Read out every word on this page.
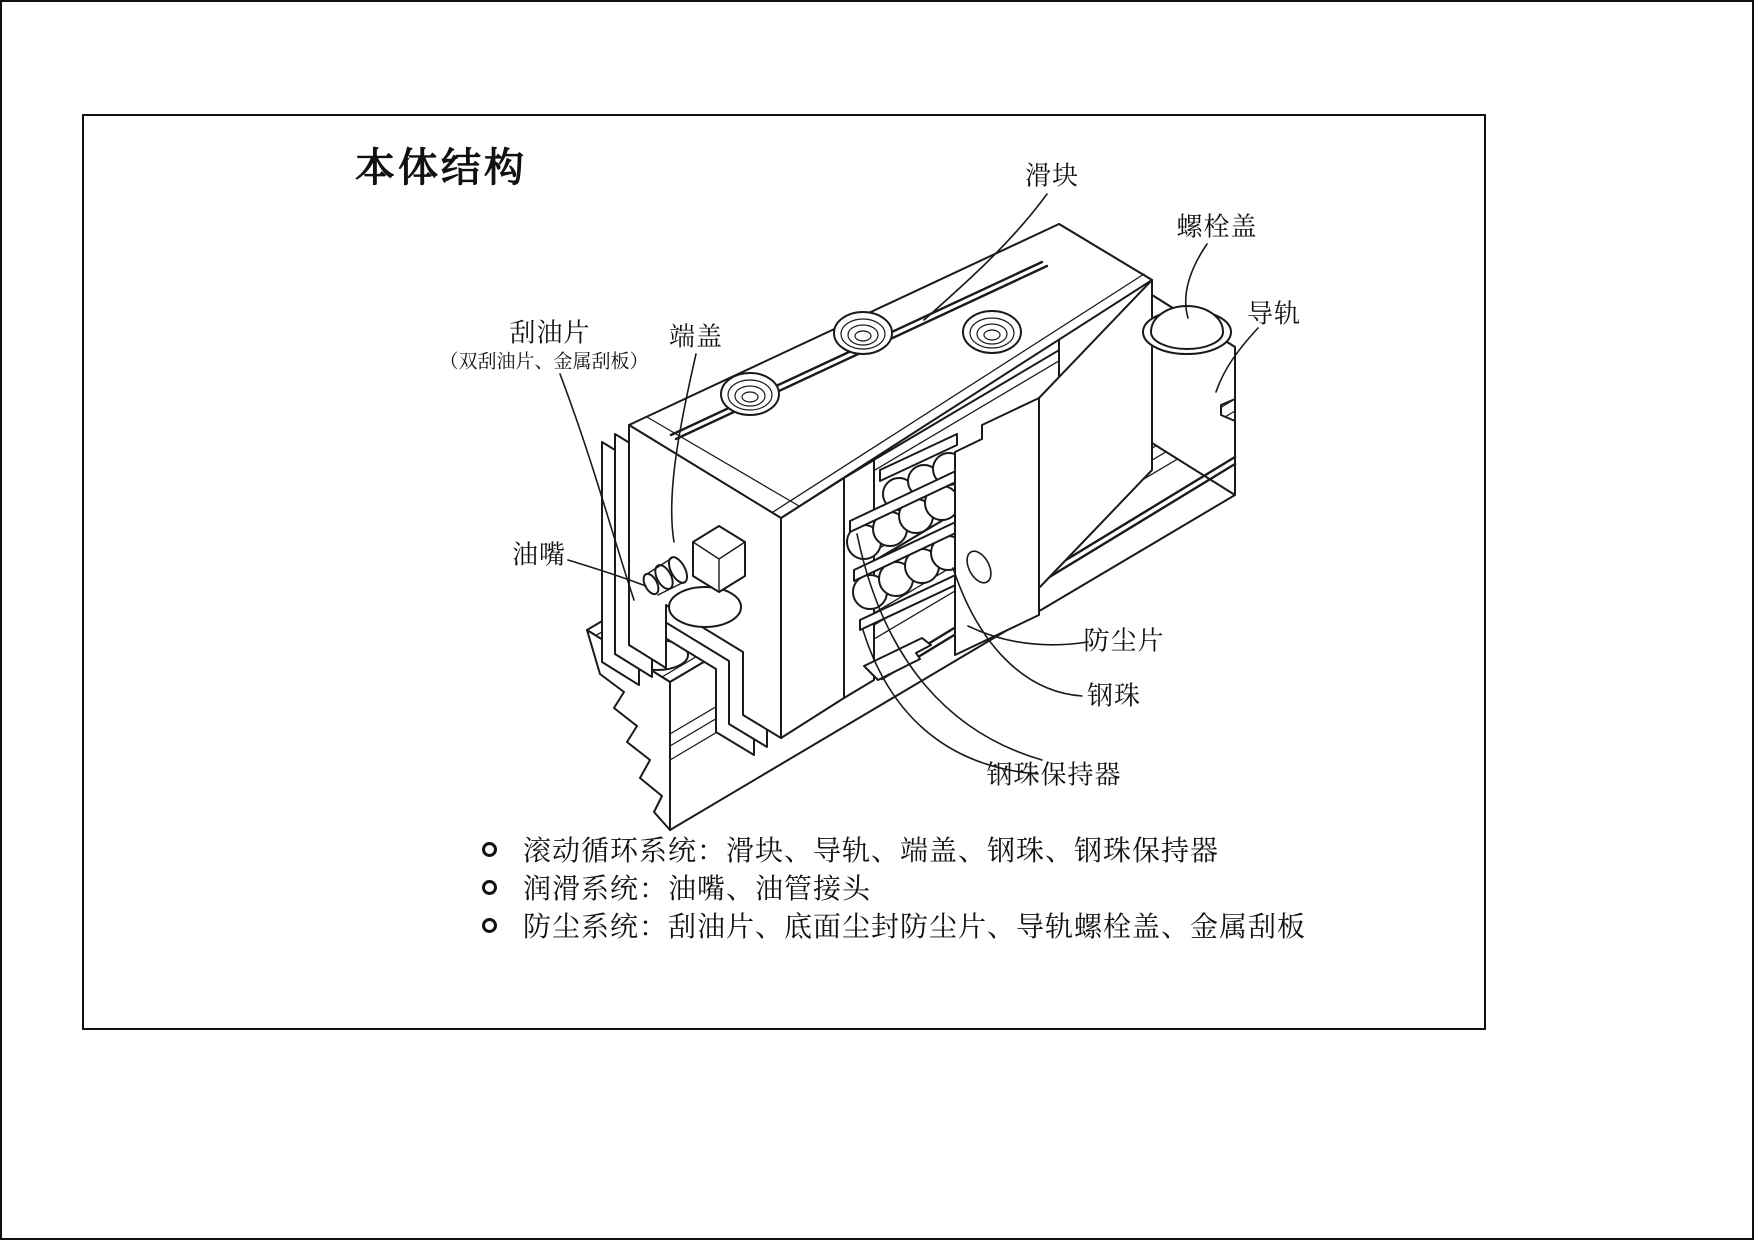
本体结构	滑块
螺栓盖
导轨
刮油片
（双刮油片、金属刮板）
端盖
油嘴
防尘片
钢珠
钢珠保持器
滚动循环系统：滑块、导轨、端盖、钢珠、钢珠保持器
润滑系统：油嘴、油管接头
防尘系统：刮油片、底面尘封防尘片、导轨螺栓盖、金属刮板
